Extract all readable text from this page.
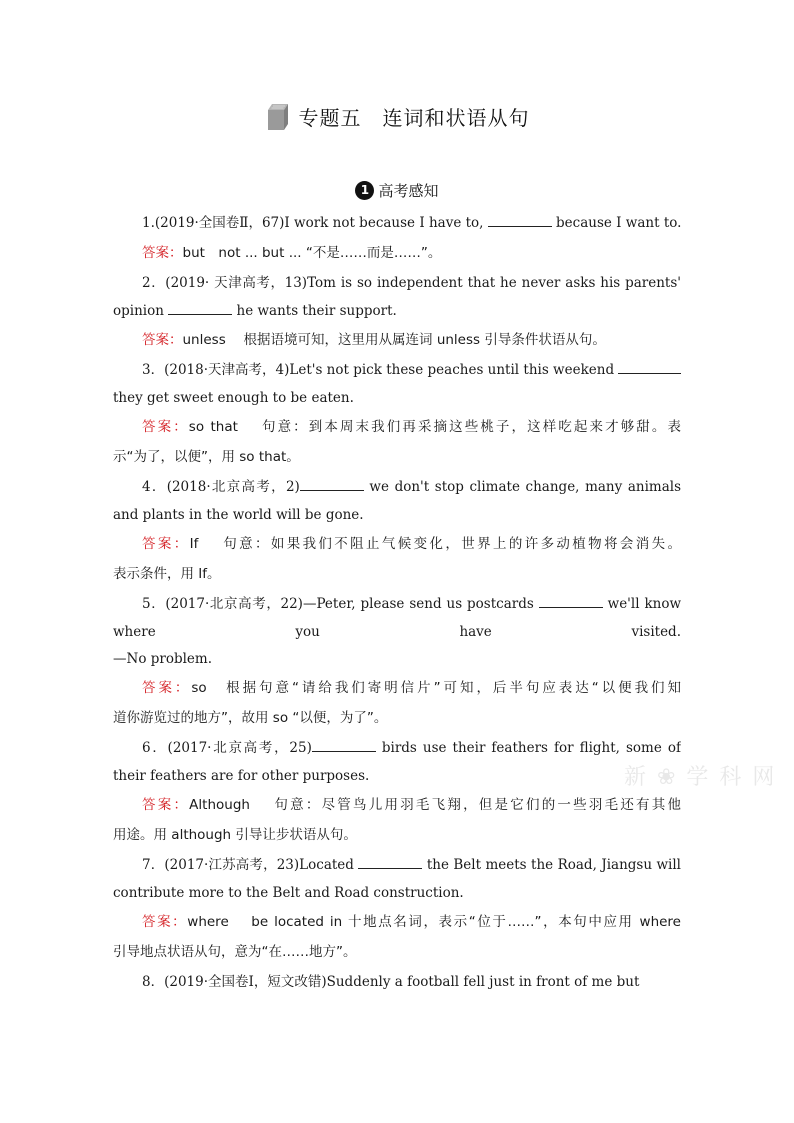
专题五　连词和状语从句
1 高考感知
1.(2019·全国卷Ⅱ，67)I work not because I have to,	because I want to.
答案：but　not ... but ... “不是……而是……”。
2．(2019· 天津高考，13)Tom is so independent that he never asks his parents'
opinion	he wants their support.
答案：unless　 根据语境可知，这里用从属连词 unless 引导条件状语从句。
3．(2018·天津高考，4)Let's not pick these peaches until this weekend
they get sweet enough to be eaten.
答案：so that　 句意：到本周末我们再采摘这些桃子，这样吃起来才够甜。表
示“为了，以便”，用 so that。
4．(2018·北京高考，2)	we don't stop climate change, many animals
and plants in the world will be gone.
答案：If　 句意：如果我们不阻止气候变化，世界上的许多动植物将会消失。
表示条件，用 If。
5．(2017·北京高考，22)—Peter, please send us postcards	we'll know
where you have visited.
—No problem.
答案：so　根据句意“请给我们寄明信片”可知，后半句应表达“以便我们知
道你游览过的地方”，故用 so “以便，为了”。
6．(2017·北京高考，25)	birds use their feathers for flight, some of
their feathers are for other purposes.
答案：Although　 句意：尽管鸟儿用羽毛飞翔，但是它们的一些羽毛还有其他
用途。用 although 引导让步状语从句。
7．(2017·江苏高考，23)Located	the Belt meets the Road, Jiangsu will
contribute more to the Belt and Road construction.
答案：where　 be located in 十地点名词，表示“位于……”，本句中应用 where
引导地点状语从句，意为“在……地方”。
8．(2019·全国卷Ⅰ，短文改错)Suddenly a football fell just in front of me but
新 ❀ 学 科 网
